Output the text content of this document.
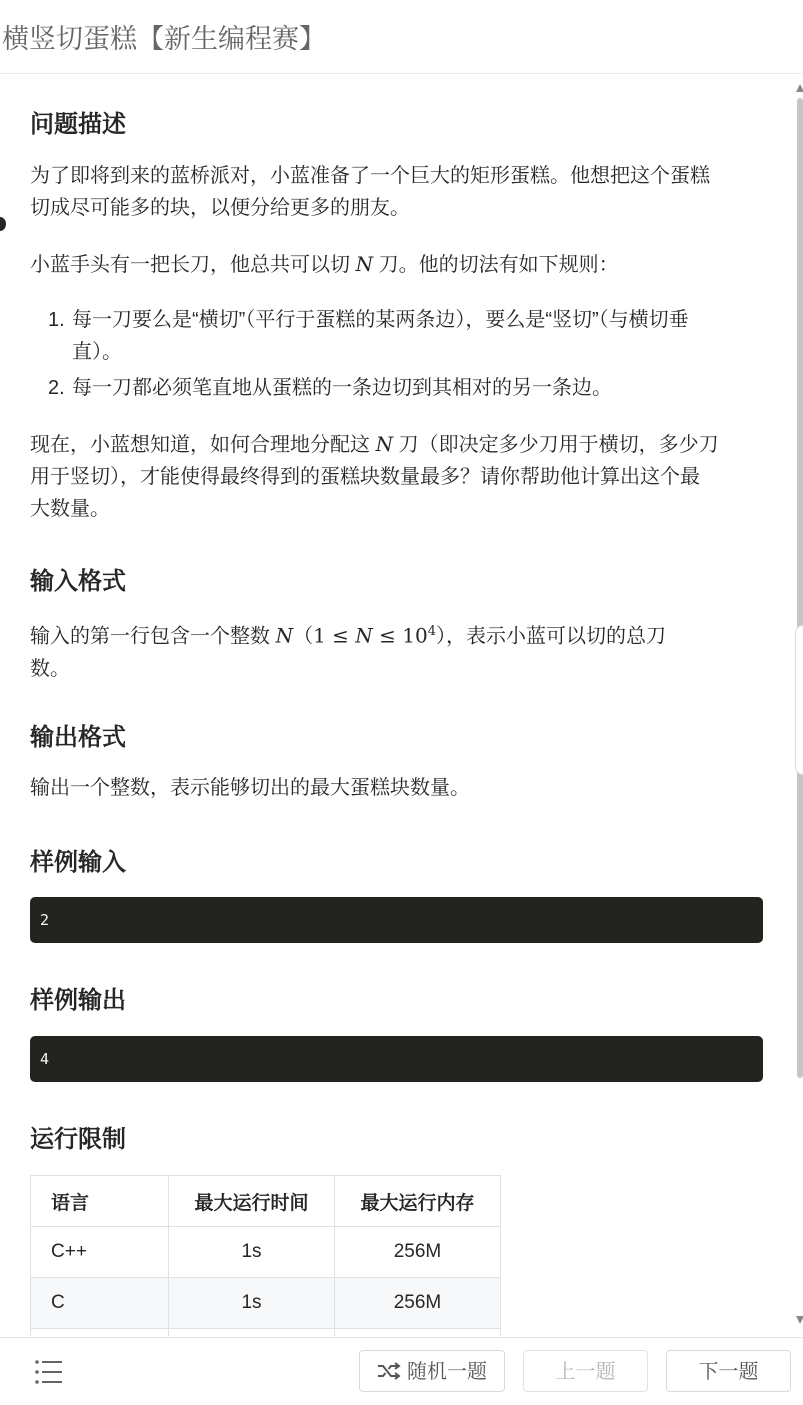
横竖切蛋糕【新生编程赛】
问题描述

为了即将到来的蓝桥派对，小蓝准备了一个巨大的矩形蛋糕。他想把这个蛋糕
切成尽可能多的块，以便分给更多的朋友。

小蓝手头有一把长刀，他总共可以切 N 刀。他的切法有如下规则：

1. 每一刀要么是“横切”（平行于蛋糕的某两条边），要么是“竖切”（与横切垂
直）。
2. 每一刀都必须笔直地从蛋糕的一条边切到其相对的另一条边。

现在，小蓝想知道，如何合理地分配这 N 刀（即决定多少刀用于横切，多少刀
用于竖切），才能使得最终得到的蛋糕块数量最多？请你帮助他计算出这个最
大数量。

输入格式

输入的第一行包含一个整数 $N(1 \le N \le 10^4)$，表示小蓝可以切的总刀
数。

输出格式

输出一个整数，表示能够切出的最大蛋糕块数量。

样例输入
2
样例输出
4
运行限制
语言	最大运行时间	最大运行内存
C++	1s	256M
C	1s	256M

随机一题	上一题	下一题
